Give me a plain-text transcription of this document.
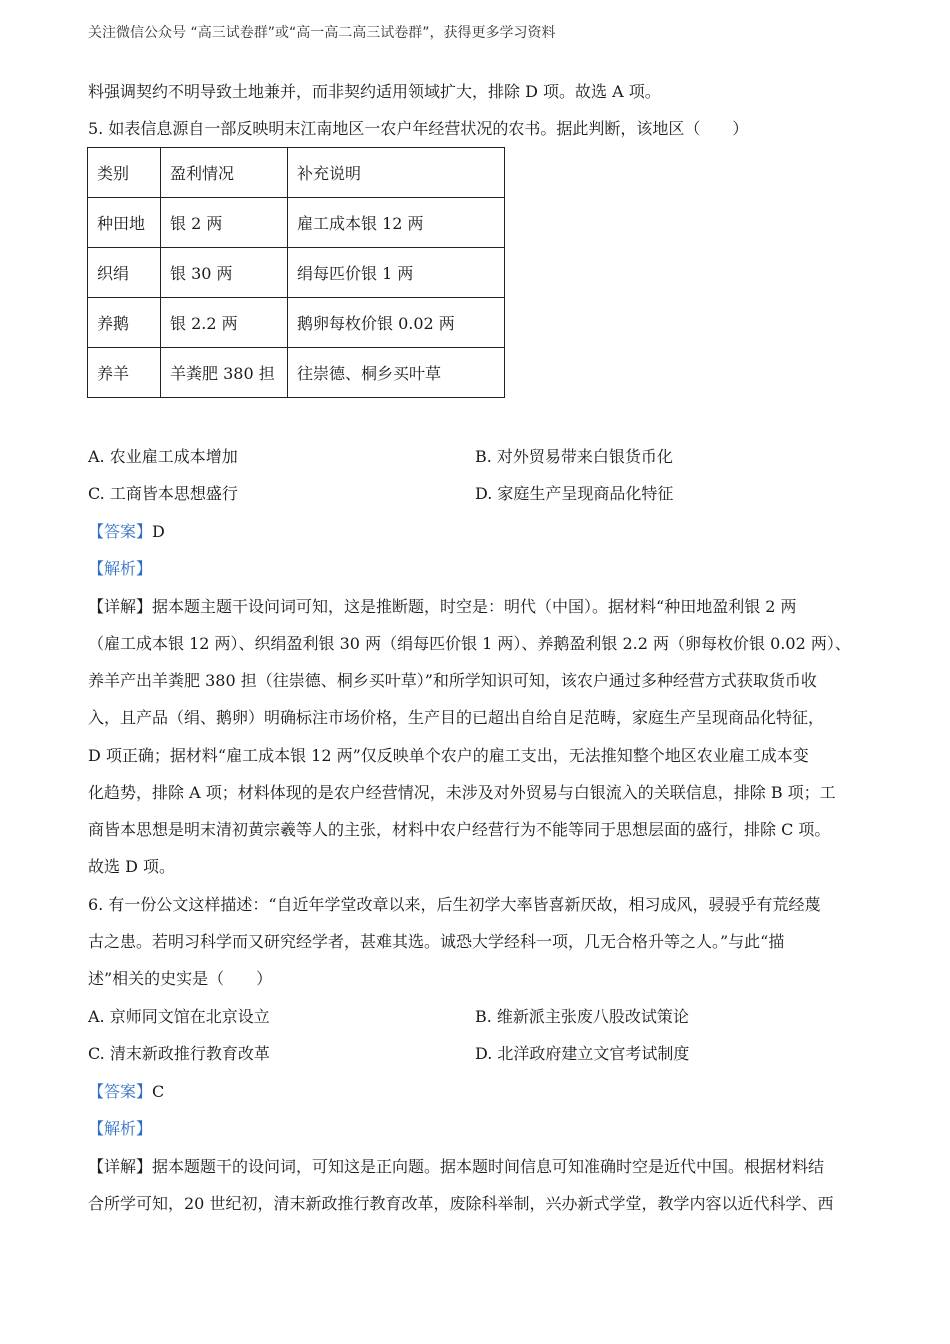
关注微信公众号 “高三试卷群”或“高一高二高三试卷群”，获得更多学习资料
料强调契约不明导致土地兼并，而非契约适用领域扩大，排除 D 项。故选 A 项。
5. 如表信息源自一部反映明末江南地区一农户年经营状况的农书。据此判断，该地区（　　）
类别	盈利情况	补充说明
种田地	银 2 两	雇工成本银 12 两
织绢	银 30 两	绢每匹价银 1 两
养鹅	银 2.2 两	鹅卵每枚价银 0.02 两
养羊	羊粪肥 380 担	往崇德、桐乡买叶草
A. 农业雇工成本增加	B. 对外贸易带来白银货币化
C. 工商皆本思想盛行	D. 家庭生产呈现商品化特征
【答案】D
【解析】
【详解】据本题主题干设问词可知，这是推断题，时空是：明代（中国）。据材料“种田地盈利银 2 两
（雇工成本银 12 两）、织绢盈利银 30 两（绢每匹价银 1 两）、养鹅盈利银 2.2 两（卵每枚价银 0.02 两）、
养羊产出羊粪肥 380 担（往崇德、桐乡买叶草）”和所学知识可知，该农户通过多种经营方式获取货币收
入，且产品（绢、鹅卵）明确标注市场价格，生产目的已超出自给自足范畴，家庭生产呈现商品化特征，
D 项正确；据材料“雇工成本银 12 两”仅反映单个农户的雇工支出，无法推知整个地区农业雇工成本变
化趋势，排除 A 项；材料体现的是农户经营情况，未涉及对外贸易与白银流入的关联信息，排除 B 项；工
商皆本思想是明末清初黄宗羲等人的主张，材料中农户经营行为不能等同于思想层面的盛行，排除 C 项。
故选 D 项。
6. 有一份公文这样描述：“自近年学堂改章以来，后生初学大率皆喜新厌故，相习成风，骎骎乎有荒经蔑
古之患。若明习科学而又研究经学者，甚难其选。诚恐大学经科一项，几无合格升等之人。”与此“描
述”相关的史实是（　　）
A. 京师同文馆在北京设立	B. 维新派主张废八股改试策论
C. 清末新政推行教育改革	D. 北洋政府建立文官考试制度
【答案】C
【解析】
【详解】据本题题干的设问词，可知这是正向题。据本题时间信息可知准确时空是近代中国。根据材料结
合所学可知，20 世纪初，清末新政推行教育改革，废除科举制，兴办新式学堂，教学内容以近代科学、西
